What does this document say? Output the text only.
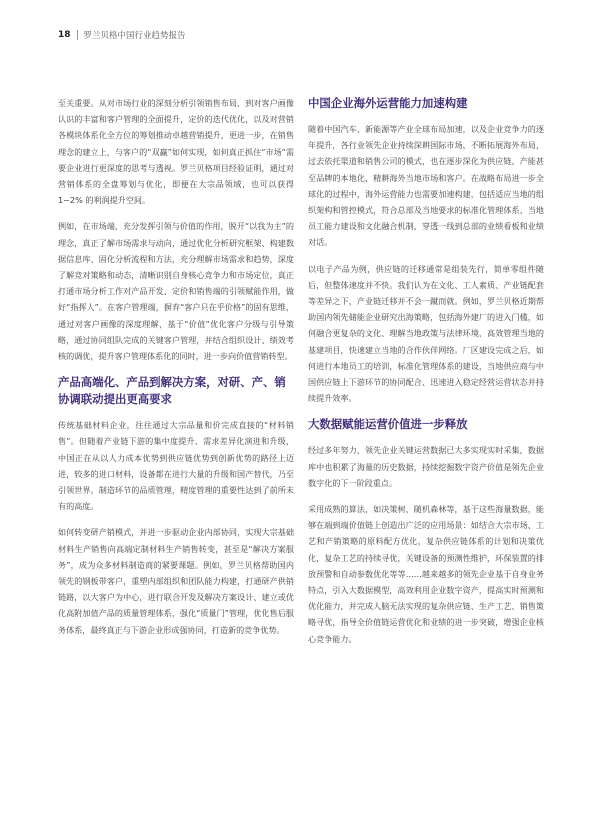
18 罗兰贝格中国行业趋势报告

至关重要。从对市场行业的深刻分析引领销售布局，到对客户画像认识的丰富和客户管理的全面提升，定价的迭代优化，以及对营销各模块体系化全方位的筹划推动卓越营销提升，更进一步，在销售理念的建立上，与客户的“双赢”如何实现，如何真正抓住“市场”需要企业进行更深度的思考与透视。罗兰贝格项目经验证明，通过对营销体系的全盘筹划与优化，即便在大宗品领域，也可以获得 1~2% 的利润提升空间。

例如，在市场端，充分发挥引领与价值的作用，脱开“以我为主”的理念，真正了解市场需求与动向，通过优化分析研究框架、构建数据信息库、固化分析流程和方法，充分理解市场需求和趋势，深度了解竞对策略和动态，清晰识别自身核心竞争力和市场定位，真正打通市场分析工作对产品开发、定价和销售端的引领赋能作用，做好“指挥人”。在客户管理端，摒弃“客户只在乎价格”的固有思维，通过对客户画像的深度理解，基于“价值”优化客户分级与引导策略，通过协同组队完成的关键客户管理，并结合组织设计、绩效考核的调优，提升客户管理体系化的同时，进一步向价值营销转型。

产品高端化、产品到解决方案，对研、产、销协调联动提出更高要求

传统基础材料企业，往往通过大宗品量和价完成直接的“材料销售”。但随着产业链下游的集中度提升、需求差异化演进和升级，中国正在从以人力成本优势到供应链优势到创新优势的路径上迈进，较多的进口材料，设备都在进行大量的升级和国产替代，乃至引领世界。制造环节的品质管理，精度管理的重要性达到了前所未有的高度。

如何转变研产销模式，并进一步驱动企业内部协同，实现大宗基础材料生产销售向高端定制材料生产销售转变，甚至是“解决方案服务”，成为众多材料制造商的紧要课题。例如，罗兰贝格帮助国内领先的钢板带客户，重塑内部组织和团队能力构建，打通研产供销链路，以大客户为中心，进行联合开发及解决方案设计、建立或优化高附加值产品的质量管理体系，强化“质量门”管理，优化售后服务体系，最终真正与下游企业形成强协同，打造新的竞争优势。

中国企业海外运营能力加速构建

随着中国汽车、新能源等产业全球布局加速，以及企业竞争力的逐年提升，各行业领先企业持续深耕国际市场，不断拓展海外布局，过去依托渠道和销售公司的模式，也在逐步深化为供应链、产能甚至品牌的本地化，精耕海外当地市场和客户。在战略布局进一步全球化的过程中，海外运营能力也需要加速构建，包括适应当地的组织架构和管控模式，符合总部及当地要求的标准化管理体系、当地员工能力建设和文化融合机制，穿透一线到总部的业绩看板和业绩对话。

以电子产品为例，供应链的迁移通常是组装先行，简单零组件随后，但整体速度并不快。我们认为在文化、工人素质、产业链配套等差异之下，产业链迁移并不会一蹴而就。例如，罗兰贝格近期帮助国内领先储能企业研究出海策略，包括海外建厂的进入门槛，如何融合更复杂的文化、理解当地政策与法律环境，高效管理当地的基建项目，快速建立当地的合作伙伴网络。厂区建设完成之后，如何进行本地员工的培训，标准化管理体系的建设，当地供应商与中国供应链上下游环节的协同配合、迅速进入稳定经营运营状态并持续提升效率。

大数据赋能运营价值进一步释放

经过多年努力，领先企业关键运营数据已大多实现实时采集，数据库中也积累了海量的历史数据，持续挖掘数字资产价值是领先企业数字化的下一阶段重点。

采用成熟的算法，如决策树，随机森林等，基于这些海量数据，能够在端到端价值链上创造出广泛的应用场景：如结合大宗市场、工艺和产销策略的原料配方优化，复杂供应链体系的计划和决策优化，复杂工艺的持续寻优，关键设备的预测性维护，环保装置的排放预警和自动参数优化等等……越来越多的领先企业基于自身业务特点，引入大数据模型，高效利用企业数字资产，提高实时预测和优化能力，并完成人脑无法实现的复杂供应链、生产工艺、销售策略寻优，指导全价值链运营优化和业绩的进一步突破，增强企业核心竞争能力。
